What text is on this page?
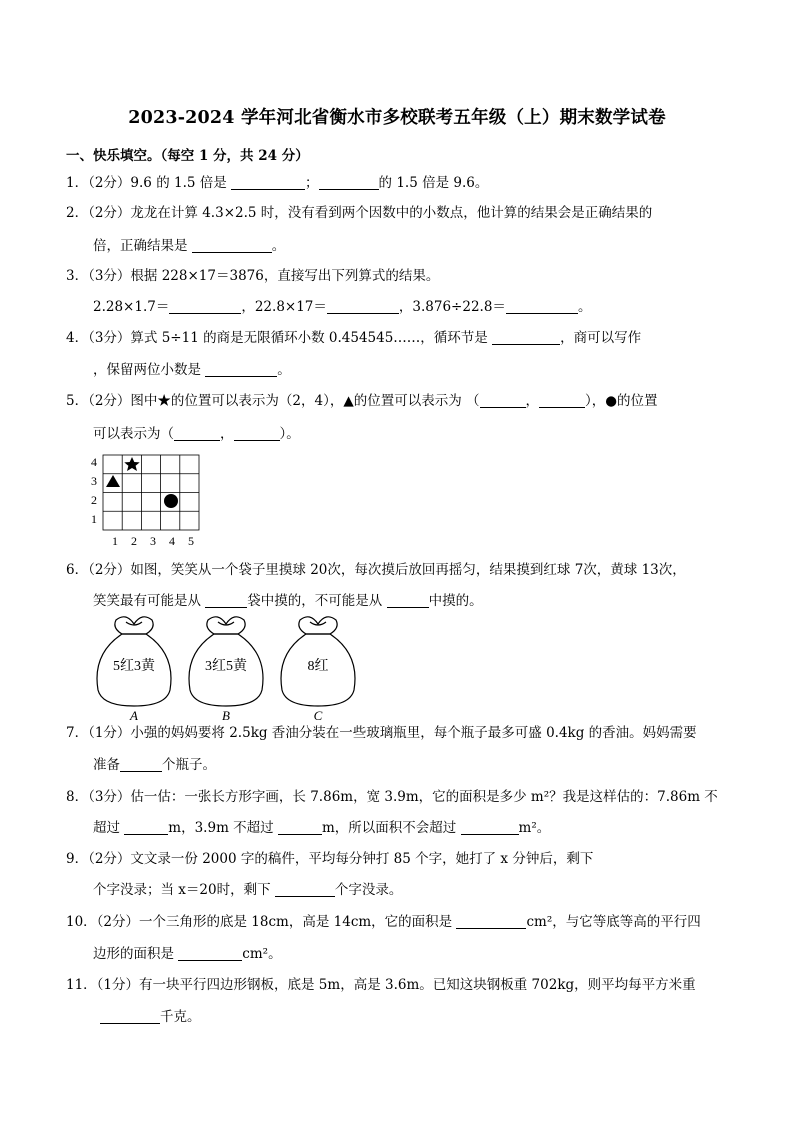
2023-2024 学年河北省衡水市多校联考五年级（上）期末数学试卷
一、快乐填空。（每空 1 分，共 24 分）
1．（2分）9.6 的 1.5 倍是	；	的 1.5 倍是 9.6。
2．（2分）龙龙在计算 4.3×2.5 时，没有看到两个因数中的小数点，他计算的结果会是正确结果的
倍，正确结果是	。
3．（3分）根据 228×17＝3876，直接写出下列算式的结果。
2.28×1.7＝	，22.8×17＝	，3.876÷22.8＝	。
4．（3分）算式 5÷11 的商是无限循环小数 0.454545……，循环节是	，商可以写作
，保留两位小数是	。
5．（2分）图中★的位置可以表示为（2，4），▲的位置可以表示为 （	，	），●的位置
可以表示为（	，	）。
4
3
2
1
1 2 3 4 5
6．（2分）如图，笑笑从一个袋子里摸球 20次，每次摸后放回再摇匀，结果摸到红球 7次，黄球 13次，
笑笑最有可能是从	袋中摸的，不可能是从	中摸的。
5红3黄	3红5黄	8红
A	B	C
7．（1分）小强的妈妈要将 2.5kg 香油分装在一些玻璃瓶里，每个瓶子最多可盛 0.4kg 的香油。妈妈需要
准备	个瓶子。
8．（3分）估一估：一张长方形字画，长 7.86m，宽 3.9m，它的面积是多少 m²？我是这样估的：7.86m 不
超过	m，3.9m 不超过	m，所以面积不会超过	m²。
9．（2分）文文录一份 2000 字的稿件，平均每分钟打 85 个字，她打了 x 分钟后，剩下
个字没录；当 x＝20时，剩下	个字没录。
10．（2分）一个三角形的底是 18cm，高是 14cm，它的面积是	cm²，与它等底等高的平行四
边形的面积是	cm²。
11．（1分）有一块平行四边形钢板，底是 5m，高是 3.6m。已知这块钢板重 702kg，则平均每平方米重
千克。
